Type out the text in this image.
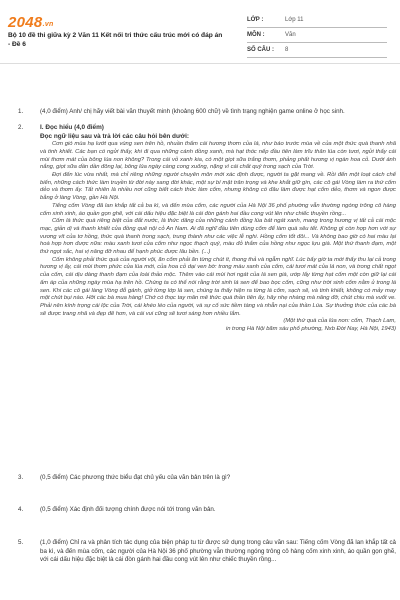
2048.vn
Bộ 10 đề thi giữa kỳ 2 Văn 11 Kết nối tri thức cấu trúc mới có đáp án - Đề 6
LỚP :	Lớp 11
MÔN :	Văn
SỐ CÂU :	8
1.	(4,0 điểm) Anh/ chị hãy viết bài văn thuyết minh (khoảng 600 chữ) về tình trạng nghiện game online ở học sinh.
2.	I. Đọc hiểu (4,0 điểm)
Đọc ngữ liệu sau và trả lời các câu hỏi bên dưới:

Cơn gió mùa hạ lướt qua vùng sen trên hồ, nhuần thấm cái hương thơm của lá, như báo trước mùa về của một thức quà thanh nhã và tinh khiết. Các bạn có ngửi thấy, khi đi qua những cánh đồng xanh, mà hạt thóc nếp đầu tiên làm trĩu thân lúa còn tươi, ngửi thấy cái mùi thơm mát của bông lúa non không? Trong cái vỏ xanh kia, có một giọt sữa trắng thơm, phảng phất hương vị ngàn hoa cỏ. Dưới ánh nắng, giọt sữa dần dần đông lại, bông lúa ngày càng cong xuống, nặng vì cái chất quý trong sạch của Trời.

Đợi đến lúc vừa nhất, mà chỉ riêng những người chuyên môn mới xác định được, người ta gặt mang về. Rồi đến một loạt cách chế biến, những cách thức làm truyền từ đời này sang đời khác, một sự bí mật trân trọng và khe khắt giữ gìn, các cô gái Vòng làm ra thứ cốm dẻo và thơm ấy. Tất nhiên là nhiều nơi cũng biết cách thức làm cốm, nhưng không có đâu làm được hạt cốm dẻo, thơm và ngon được bằng ở làng Vòng, gần Hà Nội.

Tiếng cốm Vòng đã lan khắp tất cả ba kì, và đến mùa cốm, các người của Hà Nội 36 phố phường vẫn thường ngóng trông cô hàng cốm xinh xinh, áo quần gọn ghẽ, với cái dấu hiệu đặc biệt là cái đòn gánh hai đầu cong vút lên như chiếc thuyền rồng...

Cốm là thức quà riêng biệt của đất nước, là thức dâng của những cánh đồng lúa bát ngát xanh, mang trong hương vị tất cả cái mộc mạc, giản dị và thanh khiết của đồng quê nội cỏ An Nam. Ai đã nghĩ đầu tiên dùng cốm để làm quà sêu tết. Không gì còn hợp hơn với sự vương vít của tơ hồng, thức quà thanh trong sạch, trung thành như các việc lễ nghi. Hồng cốm tốt đôi... Và không bao giờ có hai màu lại hoà hợp hơn được nữa: màu xanh tươi của cốm như ngọc thạch quý, màu đỏ thắm của hồng như ngọc lựu già. Một thứ thanh đạm, một thứ ngọt sắc, hai vị nâng đỡ nhau để hạnh phúc được lâu bền. (...)

Cốm không phải thức quà của người vội, ăn cốm phải ăn từng chút ít, thong thả và ngẫm nghĩ. Lúc bấy giờ ta mới thấy thu lại cả trong hương vị ấy, cái mùi thơm phức của lúa mới, của hoa cỏ dại ven bờ: trong màu xanh của cốm, cái tươi mát của lá non, và trong chất ngọt của cốm, cái dịu dàng thanh đạm của loài thảo mộc. Thêm vào cái mùi hơi ngát của lá sen già, ướp lấy từng hạt cốm một còn giữ lại cái ấm áp của những ngày mùa hạ trên hồ. Chúng ta có thể nói rằng trời sinh lá sen để bao bọc cốm, cũng như trời sinh cốm nằm ủ trong lá sen. Khi các cô gái làng Vòng đỗ gánh, giở từng lớp lá sen, chúng ta thấy hiện ra từng lá cốm, sạch sẽ, và tinh khiết, không có mảy may một chút bụi nào. Hỡi các bà mua hàng! Chớ có thọc tay mân mê thức quà thần tiên ấy, hãy nhẹ nhàng mà nâng đỡ, chút chiu mà vuốt ve. Phải nên kính trọng cái lộc của Trời, cái khéo léo của người, và sự cố sức tiềm tàng và nhẫn nại của thần Lúa. Sự thưởng thức của các bà sẽ được trang nhã và đẹp đẽ hơn, và cái vui cũng sẽ tươi sáng hơn nhiều lắm.

(Một thứ quà của lúa non: cốm, Thạch Lam,
in trong Hà Nội băm sáu phố phường, Nxb Đời Nay, Hà Nội, 1943)
3.	(0,5 điểm) Các phương thức biểu đạt chủ yếu của văn bản trên là gì?
4.	(0,5 điểm) Xác định đối tượng chính được nói tới trong văn bản.
5.	(1,0 điểm) Chỉ ra và phân tích tác dụng của biện pháp tu từ được sử dụng trong câu văn sau: Tiếng cốm Vòng đã lan khắp tất cả ba kì, và đến mùa cốm, các người của Hà Nội 36 phố phường vẫn thường ngóng trông cô hàng cốm xinh xinh, áo quần gọn ghẽ, với cái dấu hiệu đặc biệt là cái đòn gánh hai đầu cong vút lên như chiếc thuyền rồng...
